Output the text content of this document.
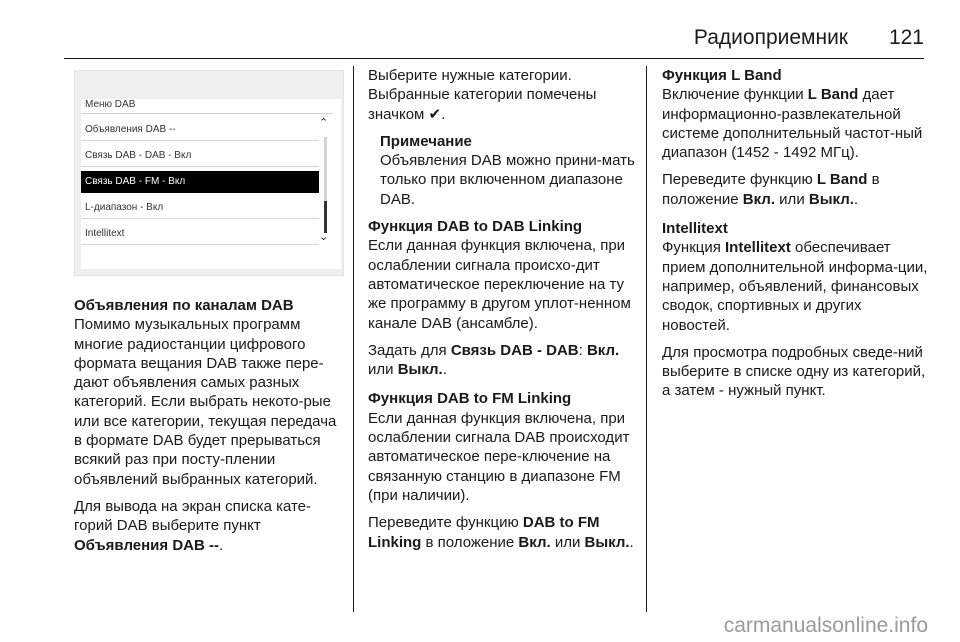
Радиоприемник 121
Меню DAB
Объявления DAB --
Связь DAB - DAB - Вкл
Связь DAB - FM - Вкл
L-диапазон - Вкл
Intellitext
⌃
⌄

Объявления по каналам DAB

Помимо музыкальных программ многие радиостанции цифрового формата вещания DAB также пере-дают объявления самых разных категорий. Если выбрать некото-рые или все категории, текущая передача в формате DAB будет прерываться всякий раз при посту-плении объявлений выбранных категорий.

Для вывода на экран списка кате-горий DAB выберите пункт
Объявления DAB --.

Выберите нужные категории. Выбранные категории помечены значком ✔.

Примечание

Объявления DAB можно прини-мать только при включенном диапазоне DAB.

Функция DAB to DAB Linking

Если данная функция включена, при ослаблении сигнала происхо-дит автоматическое переключение на ту же программу в другом уплот-ненном канале DAB (ансамбле).

Задать для Связь DAB - DAB: Вкл. или Выкл..

Функция DAB to FM Linking

Если данная функция включена, при ослаблении сигнала DAB происходит автоматическое пере-ключение на связанную станцию в диапазоне FM (при наличии).

Переведите функцию DAB to FM Linking в положение Вкл. или Выкл..

Функция L Band

Включение функции L Band дает информационно-развлекательной системе дополнительный частот-ный диапазон (1452 - 1492 МГц).

Переведите функцию L Band в положение Вкл. или Выкл..

Intellitext

Функция Intellitext обеспечивает прием дополнительной информа-ции, например, объявлений, финансовых сводок, спортивных и других новостей.

Для просмотра подробных сведе-ний выберите в списке одну из категорий, а затем - нужный пункт.

carmanualsonline.info
